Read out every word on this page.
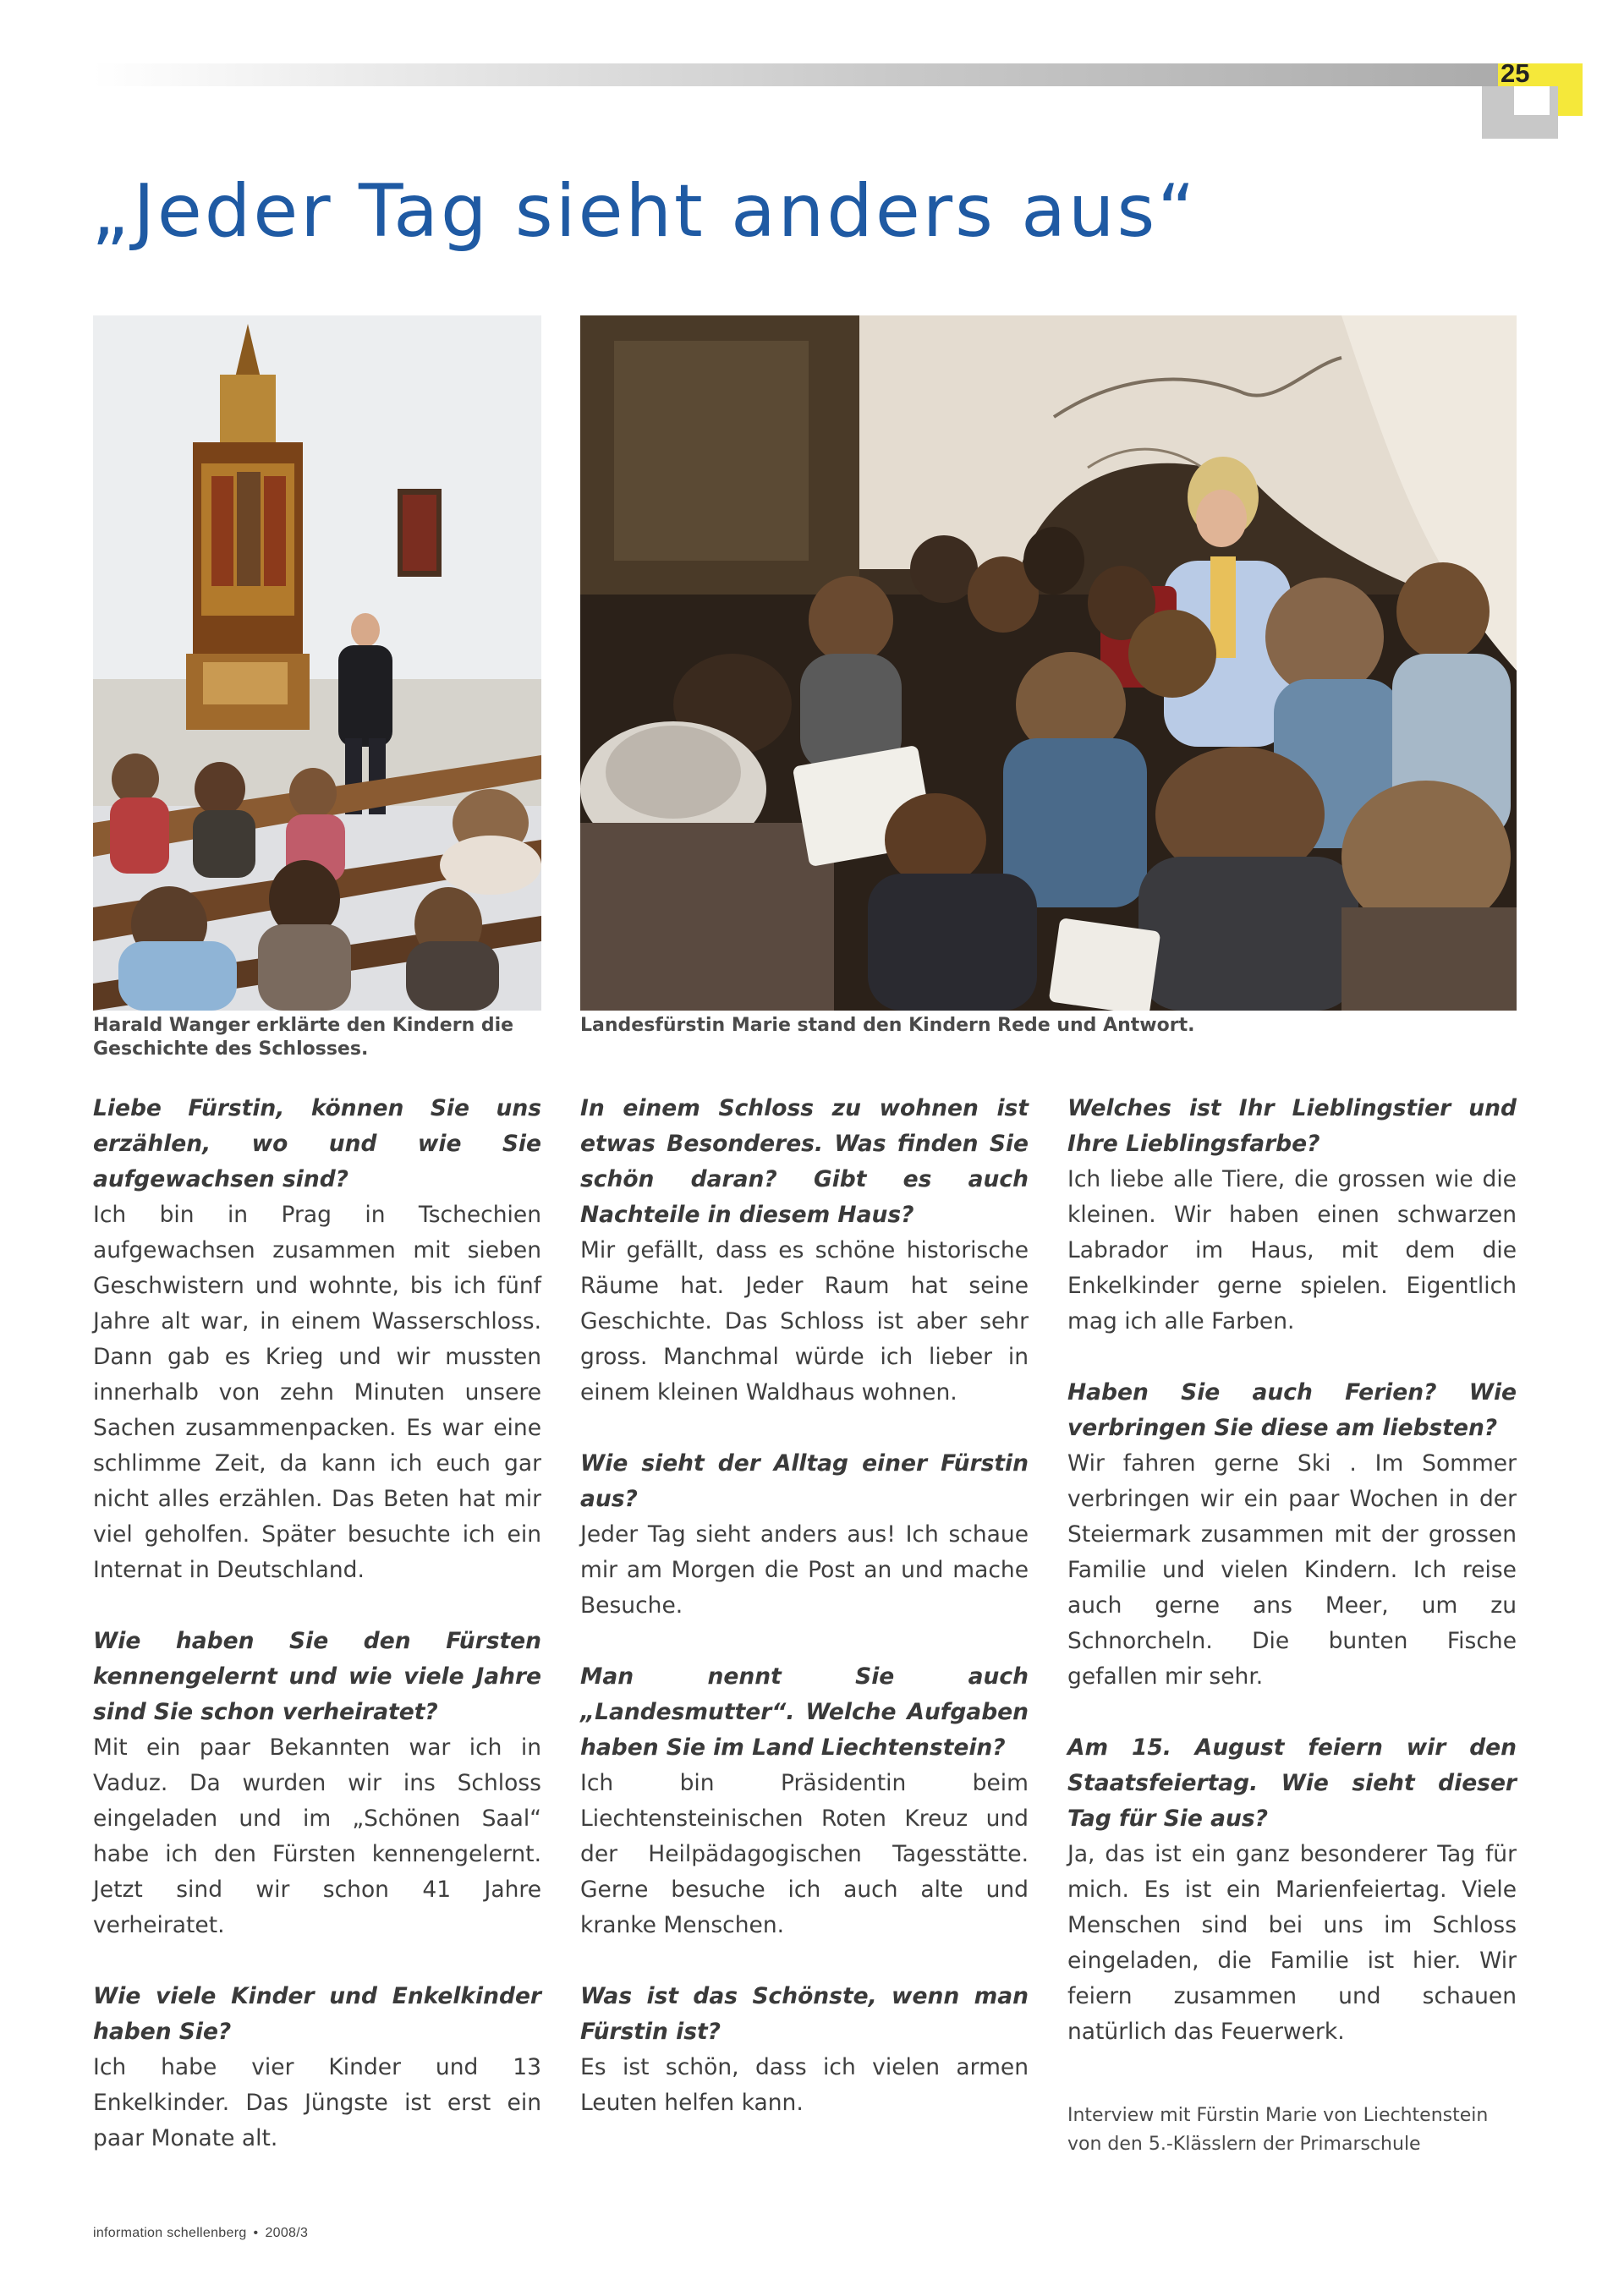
25
„Jeder Tag sieht anders aus“
Harald Wanger erklärte den Kindern die Geschichte des Schlosses.
Landesfürstin Marie stand den Kindern Rede und Antwort.

Liebe Fürstin, können Sie uns erzählen, wo und wie Sie aufgewachsen sind?
Ich bin in Prag in Tschechien aufgewachsen zusammen mit sieben Geschwistern und wohnte, bis ich fünf Jahre alt war, in einem Wasserschloss. Dann gab es Krieg und wir mussten innerhalb von zehn Minuten unsere Sachen zusammenpacken. Es war eine schlimme Zeit, da kann ich euch gar nicht alles erzählen. Das Beten hat mir viel geholfen. Später besuchte ich ein Internat in Deutschland.

Wie haben Sie den Fürsten kennengelernt und wie viele Jahre sind Sie schon verheiratet?
Mit ein paar Bekannten war ich in Vaduz. Da wurden wir ins Schloss eingeladen und im „Schönen Saal“ habe ich den Fürsten kennengelernt. Jetzt sind wir schon 41 Jahre verheiratet.

Wie viele Kinder und Enkelkinder haben Sie?
Ich habe vier Kinder und 13 Enkelkinder. Das Jüngste ist erst ein paar Monate alt.

In einem Schloss zu wohnen ist etwas Besonderes. Was finden Sie schön daran? Gibt es auch Nachteile in diesem Haus?
Mir gefällt, dass es schöne historische Räume hat. Jeder Raum hat seine Geschichte. Das Schloss ist aber sehr gross. Manchmal würde ich lieber in einem kleinen Waldhaus wohnen.

Wie sieht der Alltag einer Fürstin aus?
Jeder Tag sieht anders aus! Ich schaue mir am Morgen die Post an und mache Besuche.

Man nennt Sie auch „Landesmutter“. Welche Aufgaben haben Sie im Land Liechtenstein?
Ich bin Präsidentin beim Liechtensteinischen Roten Kreuz und der Heilpädagogischen Tagesstätte. Gerne besuche ich auch alte und kranke Menschen.

Was ist das Schönste, wenn man Fürstin ist?
Es ist schön, dass ich vielen armen Leuten helfen kann.

Welches ist Ihr Lieblingstier und Ihre Lieblingsfarbe?
Ich liebe alle Tiere, die grossen wie die kleinen. Wir haben einen schwarzen Labrador im Haus, mit dem die Enkelkinder gerne spielen. Eigentlich mag ich alle Farben.

Haben Sie auch Ferien? Wie verbringen Sie diese am liebsten?
Wir fahren gerne Ski . Im Sommer verbringen wir ein paar Wochen in der Steiermark zusammen mit der grossen Familie und vielen Kindern. Ich reise auch gerne ans Meer, um zu Schnorcheln. Die bunten Fische gefallen mir sehr.

Am 15. August feiern wir den Staatsfeiertag. Wie sieht dieser Tag für Sie aus?
Ja, das ist ein ganz besonderer Tag für mich. Es ist ein Marienfeiertag. Viele Menschen sind bei uns im Schloss eingeladen, die Familie ist hier. Wir feiern zusammen und schauen natürlich das Feuerwerk.

Interview mit Fürstin Marie von Liechtenstein
von den 5.-Klässlern der Primarschule
information schellenberg • 2008/3
